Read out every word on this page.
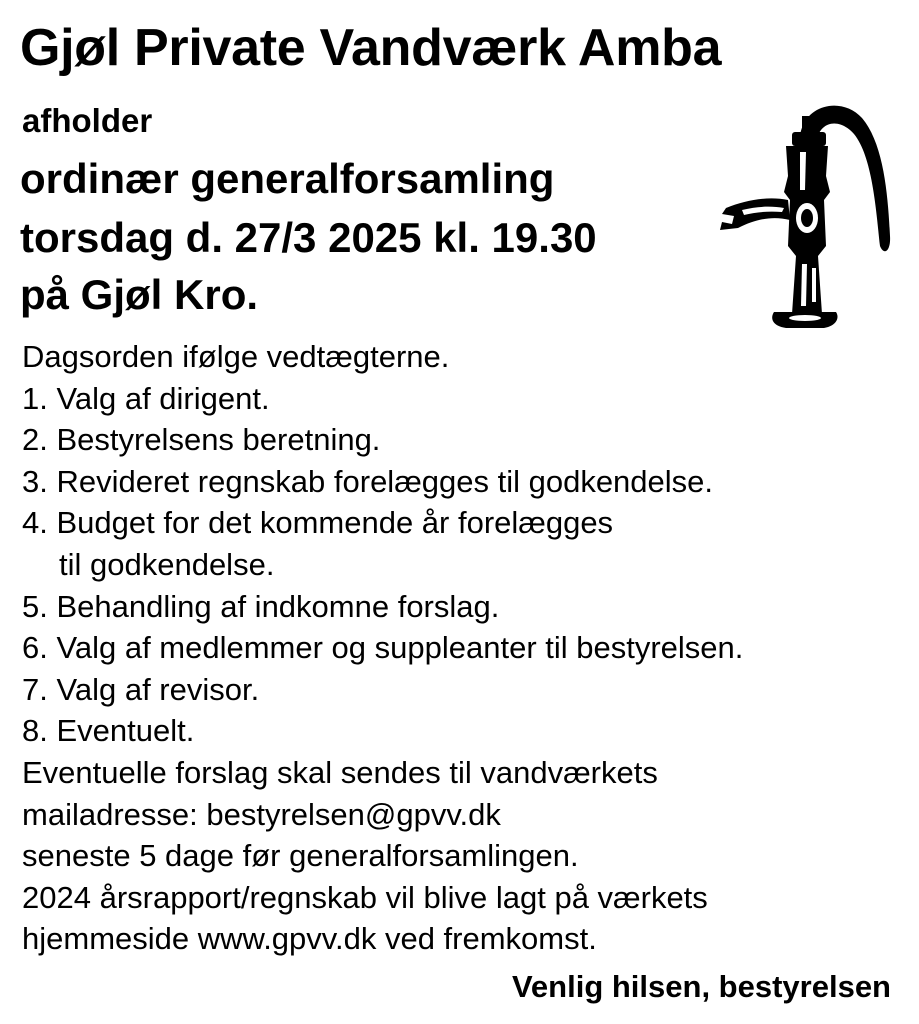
Gjøl Private Vandværk Amba
afholder
ordinær generalforsamling
torsdag d. 27/3 2025 kl. 19.30
på Gjøl Kro.
Dagsorden ifølge vedtægterne.
1. Valg af dirigent.
2. Bestyrelsens beretning.
3. Revideret regnskab forelægges til godkendelse.
4. Budget for det kommende år forelægges
til godkendelse.
5. Behandling af indkomne forslag.
6. Valg af medlemmer og suppleanter til bestyrelsen.
7. Valg af revisor.
8. Eventuelt.
Eventuelle forslag skal sendes til vandværkets
mailadresse: bestyrelsen@gpvv.dk
seneste 5 dage før generalforsamlingen.
2024 årsrapport/regnskab vil blive lagt på værkets
hjemmeside www.gpvv.dk ved fremkomst.
Venlig hilsen, bestyrelsen
